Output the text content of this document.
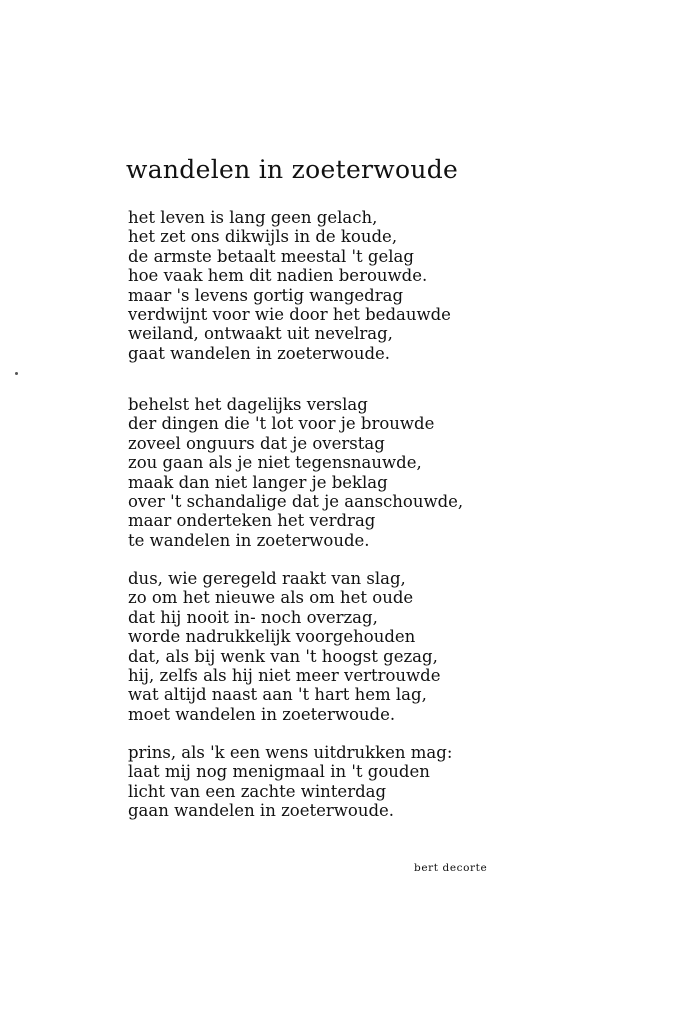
wandelen in zoeterwoude
het leven is lang geen gelach,
het zet ons dikwijls in de koude,
de armste betaalt meestal 't gelag
hoe vaak hem dit nadien berouwde.
maar 's levens gortig wangedrag
verdwijnt voor wie door het bedauwde
weiland, ontwaakt uit nevelrag,
gaat wandelen in zoeterwoude.
behelst het dagelijks verslag
der dingen die 't lot voor je brouwde
zoveel onguurs dat je overstag
zou gaan als je niet tegensnauwde,
maak dan niet langer je beklag
over 't schandalige dat je aanschouwde,
maar onderteken het verdrag
te wandelen in zoeterwoude.
dus, wie geregeld raakt van slag,
zo om het nieuwe als om het oude
dat hij nooit in- noch overzag,
worde nadrukkelijk voorgehouden
dat, als bij wenk van 't hoogst gezag,
hij, zelfs als hij niet meer vertrouwde
wat altijd naast aan 't hart hem lag,
moet wandelen in zoeterwoude.
prins, als 'k een wens uitdrukken mag:
laat mij nog menigmaal in 't gouden
licht van een zachte winterdag
gaan wandelen in zoeterwoude.
bert decorte
